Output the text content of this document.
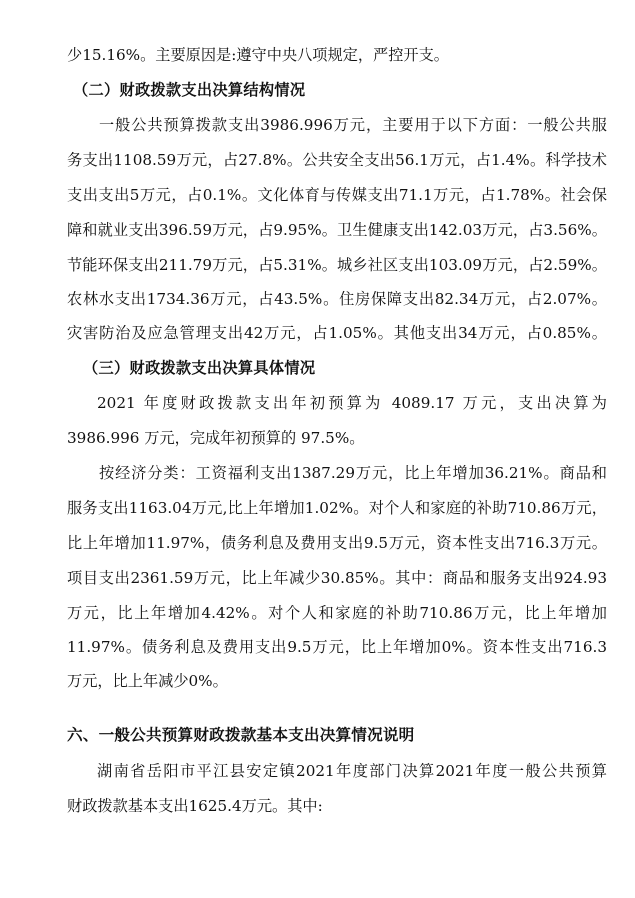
少15.16%。主要原因是:遵守中央八项规定，严控开支。
（二）财政拨款支出决算结构情况
一般公共预算拨款支出3986.996万元，主要用于以下方面：一般公共服
务支出1108.59万元，占27.8%。公共安全支出56.1万元，占1.4%。科学技术
支出支出5万元，占0.1%。文化体育与传媒支出71.1万元，占1.78%。社会保
障和就业支出396.59万元，占9.95%。卫生健康支出142.03万元，占3.56%。
节能环保支出211.79万元，占5.31%。城乡社区支出103.09万元，占2.59%。
农林水支出1734.36万元，占43.5%。住房保障支出82.34万元，占2.07%。
灾害防治及应急管理支出42万元，占1.05%。其他支出34万元，占0.85%。
（三）财政拨款支出决算具体情况
2021 年度财政拨款支出年初预算为 4089.17 万元，支出决算为
3986.996 万元，完成年初预算的 97.5%。
按经济分类：工资福利支出1387.29万元，比上年增加36.21%。商品和
服务支出1163.04万元,比上年增加1.02%。对个人和家庭的补助710.86万元，
比上年增加11.97%，债务利息及费用支出9.5万元，资本性支出716.3万元。
项目支出2361.59万元，比上年减少30.85%。其中：商品和服务支出924.93
万元，比上年增加4.42%。对个人和家庭的补助710.86万元，比上年增加
11.97%。债务利息及费用支出9.5万元，比上年增加0%。资本性支出716.3
万元，比上年减少0%。
六、一般公共预算财政拨款基本支出决算情况说明
湖南省岳阳市平江县安定镇2021年度部门决算2021年度一般公共预算
财政拨款基本支出1625.4万元。其中:
